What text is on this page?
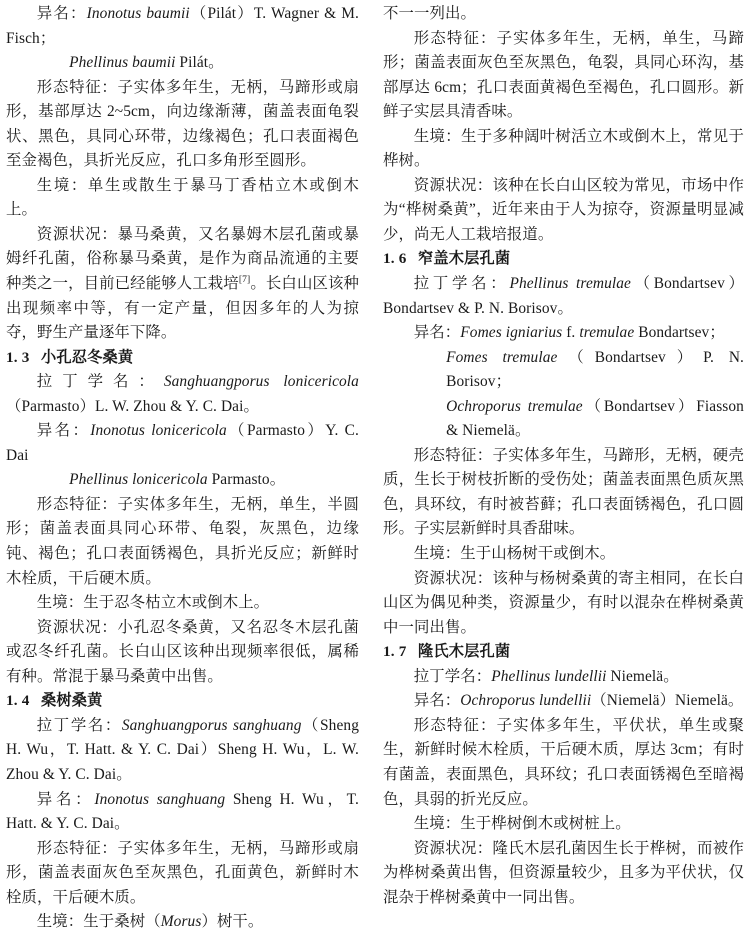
异名：Inonotus baumii（Pilát）T. Wagner & M. Fisch；

Phellinus baumii Pilát。

形态特征：子实体多年生，无柄，马蹄形或扇形，基部厚达 2~5cm，向边缘渐薄，菌盖表面龟裂状、黑色，具同心环带，边缘褐色；孔口表面褐色至金褐色，具折光反应，孔口多角形至圆形。

生境：单生或散生于暴马丁香枯立木或倒木上。

资源状况：暴马桑黄，又名暴姆木层孔菌或暴姆纤孔菌，俗称暴马桑黄，是作为商品流通的主要种类之一，目前已经能够人工栽培[7]。长白山区该种出现频率中等，有一定产量，但因多年的人为掠夺，野生产量逐年下降。

1. 3 小孔忍冬桑黄

拉丁学名：Sanghuangporus lonicericola（Parmasto）L. W. Zhou & Y. C. Dai。

异名：Inonotus lonicericola（Parmasto）Y. C. Dai

Phellinus lonicericola Parmasto。

形态特征：子实体多年生，无柄，单生，半圆形；菌盖表面具同心环带、龟裂，灰黑色，边缘钝、褐色；孔口表面锈褐色，具折光反应；新鲜时木栓质，干后硬木质。

生境：生于忍冬枯立木或倒木上。

资源状况：小孔忍冬桑黄，又名忍冬木层孔菌或忍冬纤孔菌。长白山区该种出现频率很低，属稀有种。常混于暴马桑黄中出售。

1. 4 桑树桑黄

拉丁学名：Sanghuangporus sanghuang（Sheng H. Wu，T. Hatt. & Y. C. Dai）Sheng H. Wu，L. W. Zhou & Y. C. Dai。

异名：Inonotus sanghuang Sheng H. Wu，T. Hatt. & Y. C. Dai。

形态特征：子实体多年生，无柄，马蹄形或扇形，菌盖表面灰色至灰黑色，孔面黄色，新鲜时木栓质，干后硬木质。

生境：生于桑树（Morus）树干。

不一一列出。

形态特征：子实体多年生，无柄，单生，马蹄形；菌盖表面灰色至灰黑色，龟裂，具同心环沟，基部厚达 6cm；孔口表面黄褐色至褐色，孔口圆形。新鲜子实层具清香味。

生境：生于多种阔叶树活立木或倒木上，常见于桦树。

资源状况：该种在长白山区较为常见，市场中作为“桦树桑黄”，近年来由于人为掠夺，资源量明显减少，尚无人工栽培报道。

1. 6 窄盖木层孔菌

拉丁学名：Phellinus tremulae（Bondartsev）Bondartsev & P. N. Borisov。

异名：Fomes igniarius f. tremulae Bondartsev；

Fomes tremulae（Bondartsev）P. N. Borisov；

Ochroporus tremulae（Bondartsev）Fiasson & Niemelä。

形态特征：子实体多年生，马蹄形，无柄，硬壳质，生长于树枝折断的受伤处；菌盖表面黑色质灰黑色，具环纹，有时被苔藓；孔口表面锈褐色，孔口圆形。子实层新鲜时具香甜味。

生境：生于山杨树干或倒木。

资源状况：该种与杨树桑黄的寄主相同，在长白山区为偶见种类，资源量少，有时以混杂在桦树桑黄中一同出售。

1. 7 隆氏木层孔菌

拉丁学名：Phellinus lundellii Niemelä。

异名：Ochroporus lundellii（Niemelä）Niemelä。

形态特征：子实体多年生，平伏状，单生或聚生，新鲜时候木栓质，干后硬木质，厚达 3cm；有时有菌盖，表面黑色，具环纹；孔口表面锈褐色至暗褐色，具弱的折光反应。

生境：生于桦树倒木或树桩上。

资源状况：隆氏木层孔菌因生长于桦树，而被作为桦树桑黄出售，但资源量较少，且多为平伏状，仅混杂于桦树桑黄中一同出售。
